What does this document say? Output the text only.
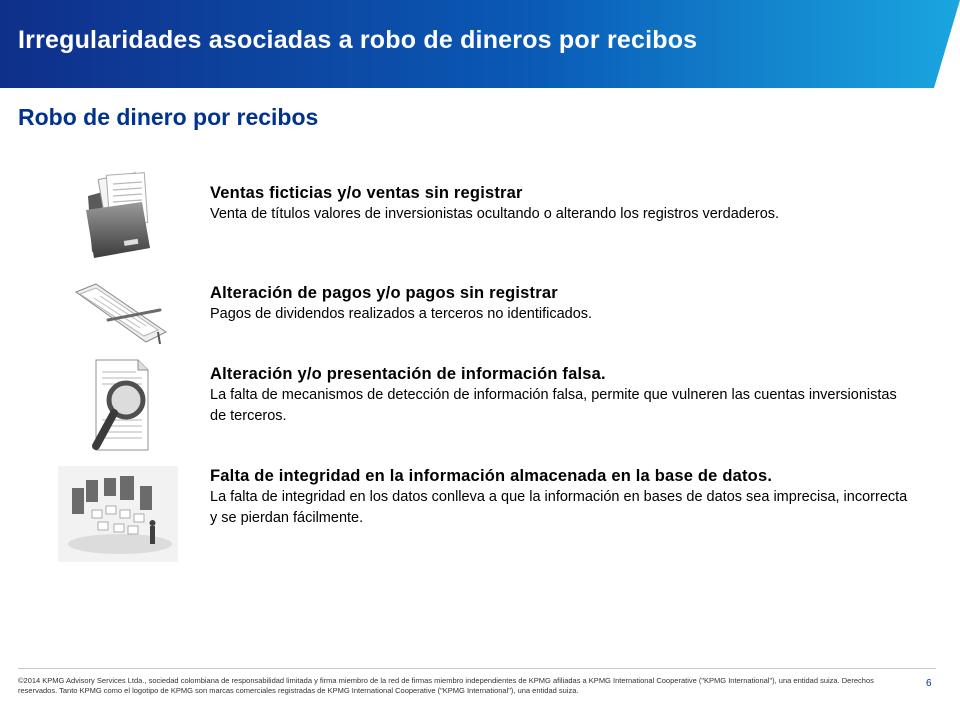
Irregularidades asociadas a robo de dineros por recibos
Robo de dinero por recibos

Ventas ficticias y/o ventas sin registrar

Venta de títulos valores de inversionistas ocultando o alterando los registros verdaderos.

Alteración de pagos y/o pagos sin registrar

Pagos de dividendos realizados a terceros no identificados.

Alteración y/o presentación de información falsa.

La falta de mecanismos de detección de información falsa, permite que vulneren las cuentas inversionistas de terceros.

Falta de integridad en la información almacenada en la base de datos.

La falta de integridad en los datos conlleva a que la información en bases de datos sea imprecisa, incorrecta y se pierdan fácilmente.

©2014 KPMG Advisory Services Ltda., sociedad colombiana de responsabilidad limitada y firma miembro de la red de firmas miembro independientes de KPMG afiliadas a KPMG International Cooperative ("KPMG International"), una entidad suiza. Derechos reservados. Tanto KPMG como el logotipo de KPMG son marcas comerciales registradas de KPMG International Cooperative ("KPMG International"), una entidad suiza.

6
